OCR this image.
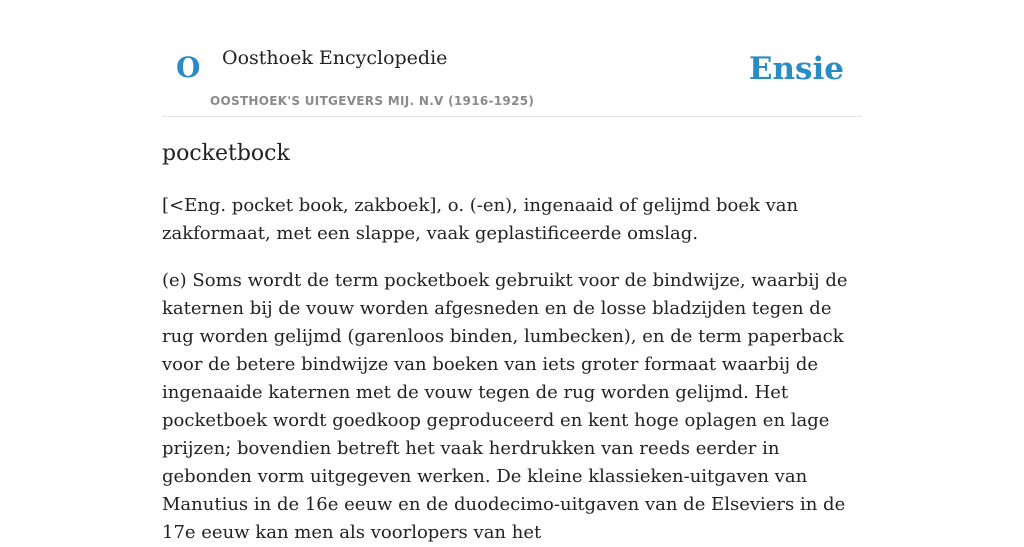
O Oosthoek Encyclopedie
OOSTHOEK'S UITGEVERS MIJ. N.V (1916-1925)
Ensie
pocketbock

[<Eng. pocket book, zakboek], o. (-en), ingenaaid of gelijmd boek van zakformaat, met een slappe, vaak geplastificeerde omslag.

(e) Soms wordt de term pocketboek gebruikt voor de bindwijze, waarbij de katernen bij de vouw worden afgesneden en de losse bladzijden tegen de rug worden gelijmd (garenloos binden, lumbecken), en de term paperback voor de betere bindwijze van boeken van iets groter formaat waarbij de ingenaaide katernen met de vouw tegen de rug worden gelijmd. Het pocketboek wordt goedkoop geproduceerd en kent hoge oplagen en lage prijzen; bovendien betreft het vaak herdrukken van reeds eerder in gebonden vorm uitgegeven werken. De kleine klassieken-uitgaven van Manutius in de 16e eeuw en de duodecimo-uitgaven van de Elseviers in de 17e eeuw kan men als voorlopers van het
